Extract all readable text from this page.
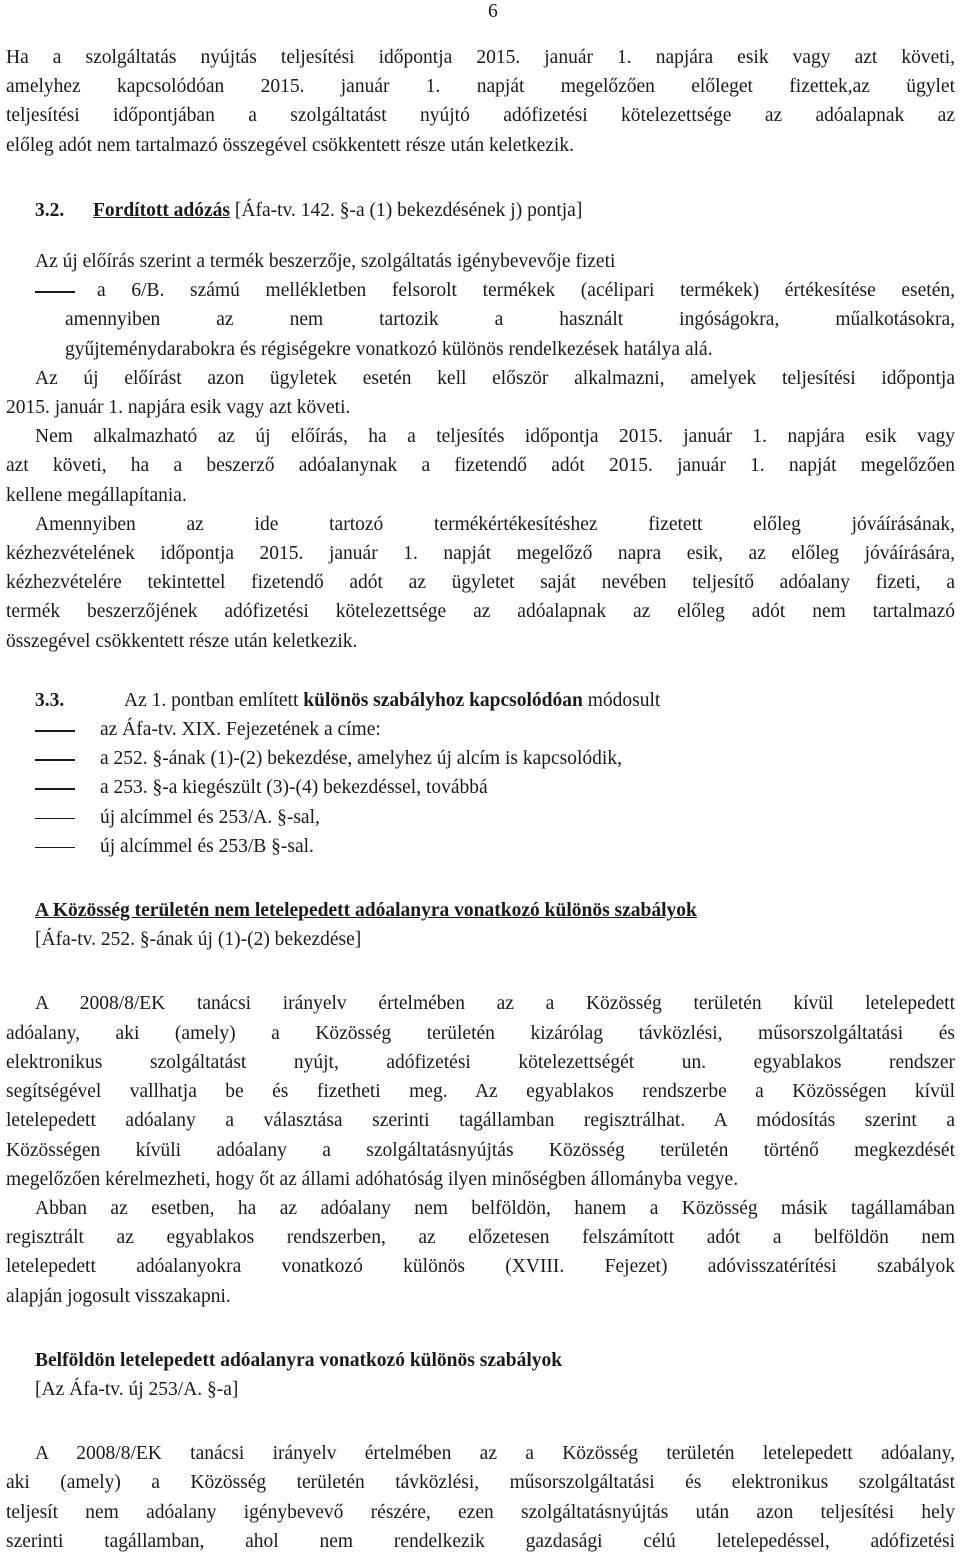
6

Ha a szolgáltatás nyújtás teljesítési időpontja 2015. január 1. napjára esik vagy azt követi,

amelyhez kapcsolódóan 2015. január 1. napját megelőzően előleget fizettek,az ügylet

teljesítési időpontjában a szolgáltatást nyújtó adófizetési kötelezettsége az adóalapnak az

előleg adót nem tartalmazó összegével csökkentett része után keletkezik.

3.2. Fordított adózás [Áfa-tv. 142. §-a (1) bekezdésének j) pontja]

Az új előírás szerint a termék beszerzője, szolgáltatás igénybevevője fizeti

a 6/B. számú mellékletben felsorolt termékek (acélipari termékek) értékesítése esetén,

amennyiben az nem tartozik a használt ingóságokra, műalkotásokra,

gyűjteménydarabokra és régiségekre vonatkozó különös rendelkezések hatálya alá.

Az új előírást azon ügyletek esetén kell először alkalmazni, amelyek teljesítési időpontja

2015. január 1. napjára esik vagy azt követi.

Nem alkalmazható az új előírás, ha a teljesítés időpontja 2015. január 1. napjára esik vagy

azt követi, ha a beszerző adóalanynak a fizetendő adót 2015. január 1. napját megelőzően

kellene megállapítania.

Amennyiben az ide tartozó termékértékesítéshez fizetett előleg jóváírásának,

kézhezvételének időpontja 2015. január 1. napját megelőző napra esik, az előleg jóváírására,

kézhezvételére tekintettel fizetendő adót az ügyletet saját nevében teljesítő adóalany fizeti, a

termék beszerzőjének adófizetési kötelezettsége az adóalapnak az előleg adót nem tartalmazó

összegével csökkentett része után keletkezik.

3.3.	Az 1. pontban említett különös szabályhoz kapcsolódóan módosult

az Áfa-tv. XIX. Fejezetének a címe:

a 252. §-ának (1)-(2) bekezdése, amelyhez új alcím is kapcsolódik,

a 253. §-a kiegészült (3)-(4) bekezdéssel, továbbá

új alcímmel és 253/A. §-sal,

új alcímmel és 253/B §-sal.

A Közösség területén nem letelepedett adóalanyra vonatkozó különös szabályok

[Áfa-tv. 252. §-ának új (1)-(2) bekezdése]

A 2008/8/EK tanácsi irányelv értelmében az a Közösség területén kívül letelepedett

adóalany, aki (amely) a Közösség területén kizárólag távközlési, műsorszolgáltatási és

elektronikus szolgáltatást nyújt, adófizetési kötelezettségét un. egyablakos rendszer

segítségével vallhatja be és fizetheti meg. Az egyablakos rendszerbe a Közösségen kívül

letelepedett adóalany a választása szerinti tagállamban regisztrálhat. A módosítás szerint a

Közösségen kívüli adóalany a szolgáltatásnyújtás Közösség területén történő megkezdését

megelőzően kérelmezheti, hogy őt az állami adóhatóság ilyen minőségben állományba vegye.

Abban az esetben, ha az adóalany nem belföldön, hanem a Közösség másik tagállamában

regisztrált az egyablakos rendszerben, az előzetesen felszámított adót a belföldön nem

letelepedett adóalanyokra vonatkozó különös (XVIII. Fejezet) adóvisszatérítési szabályok

alapján jogosult visszakapni.

Belföldön letelepedett adóalanyra vonatkozó különös szabályok

[Az Áfa-tv. új 253/A. §-a]

A 2008/8/EK tanácsi irányelv értelmében az a Közösség területén letelepedett adóalany,

aki (amely) a Közösség területén távközlési, műsorszolgáltatási és elektronikus szolgáltatást

teljesít nem adóalany igénybevevő részére, ezen szolgáltatásnyújtás után azon teljesítési hely

szerinti tagállamban, ahol nem rendelkezik gazdasági célú letelepedéssel, adófizetési
